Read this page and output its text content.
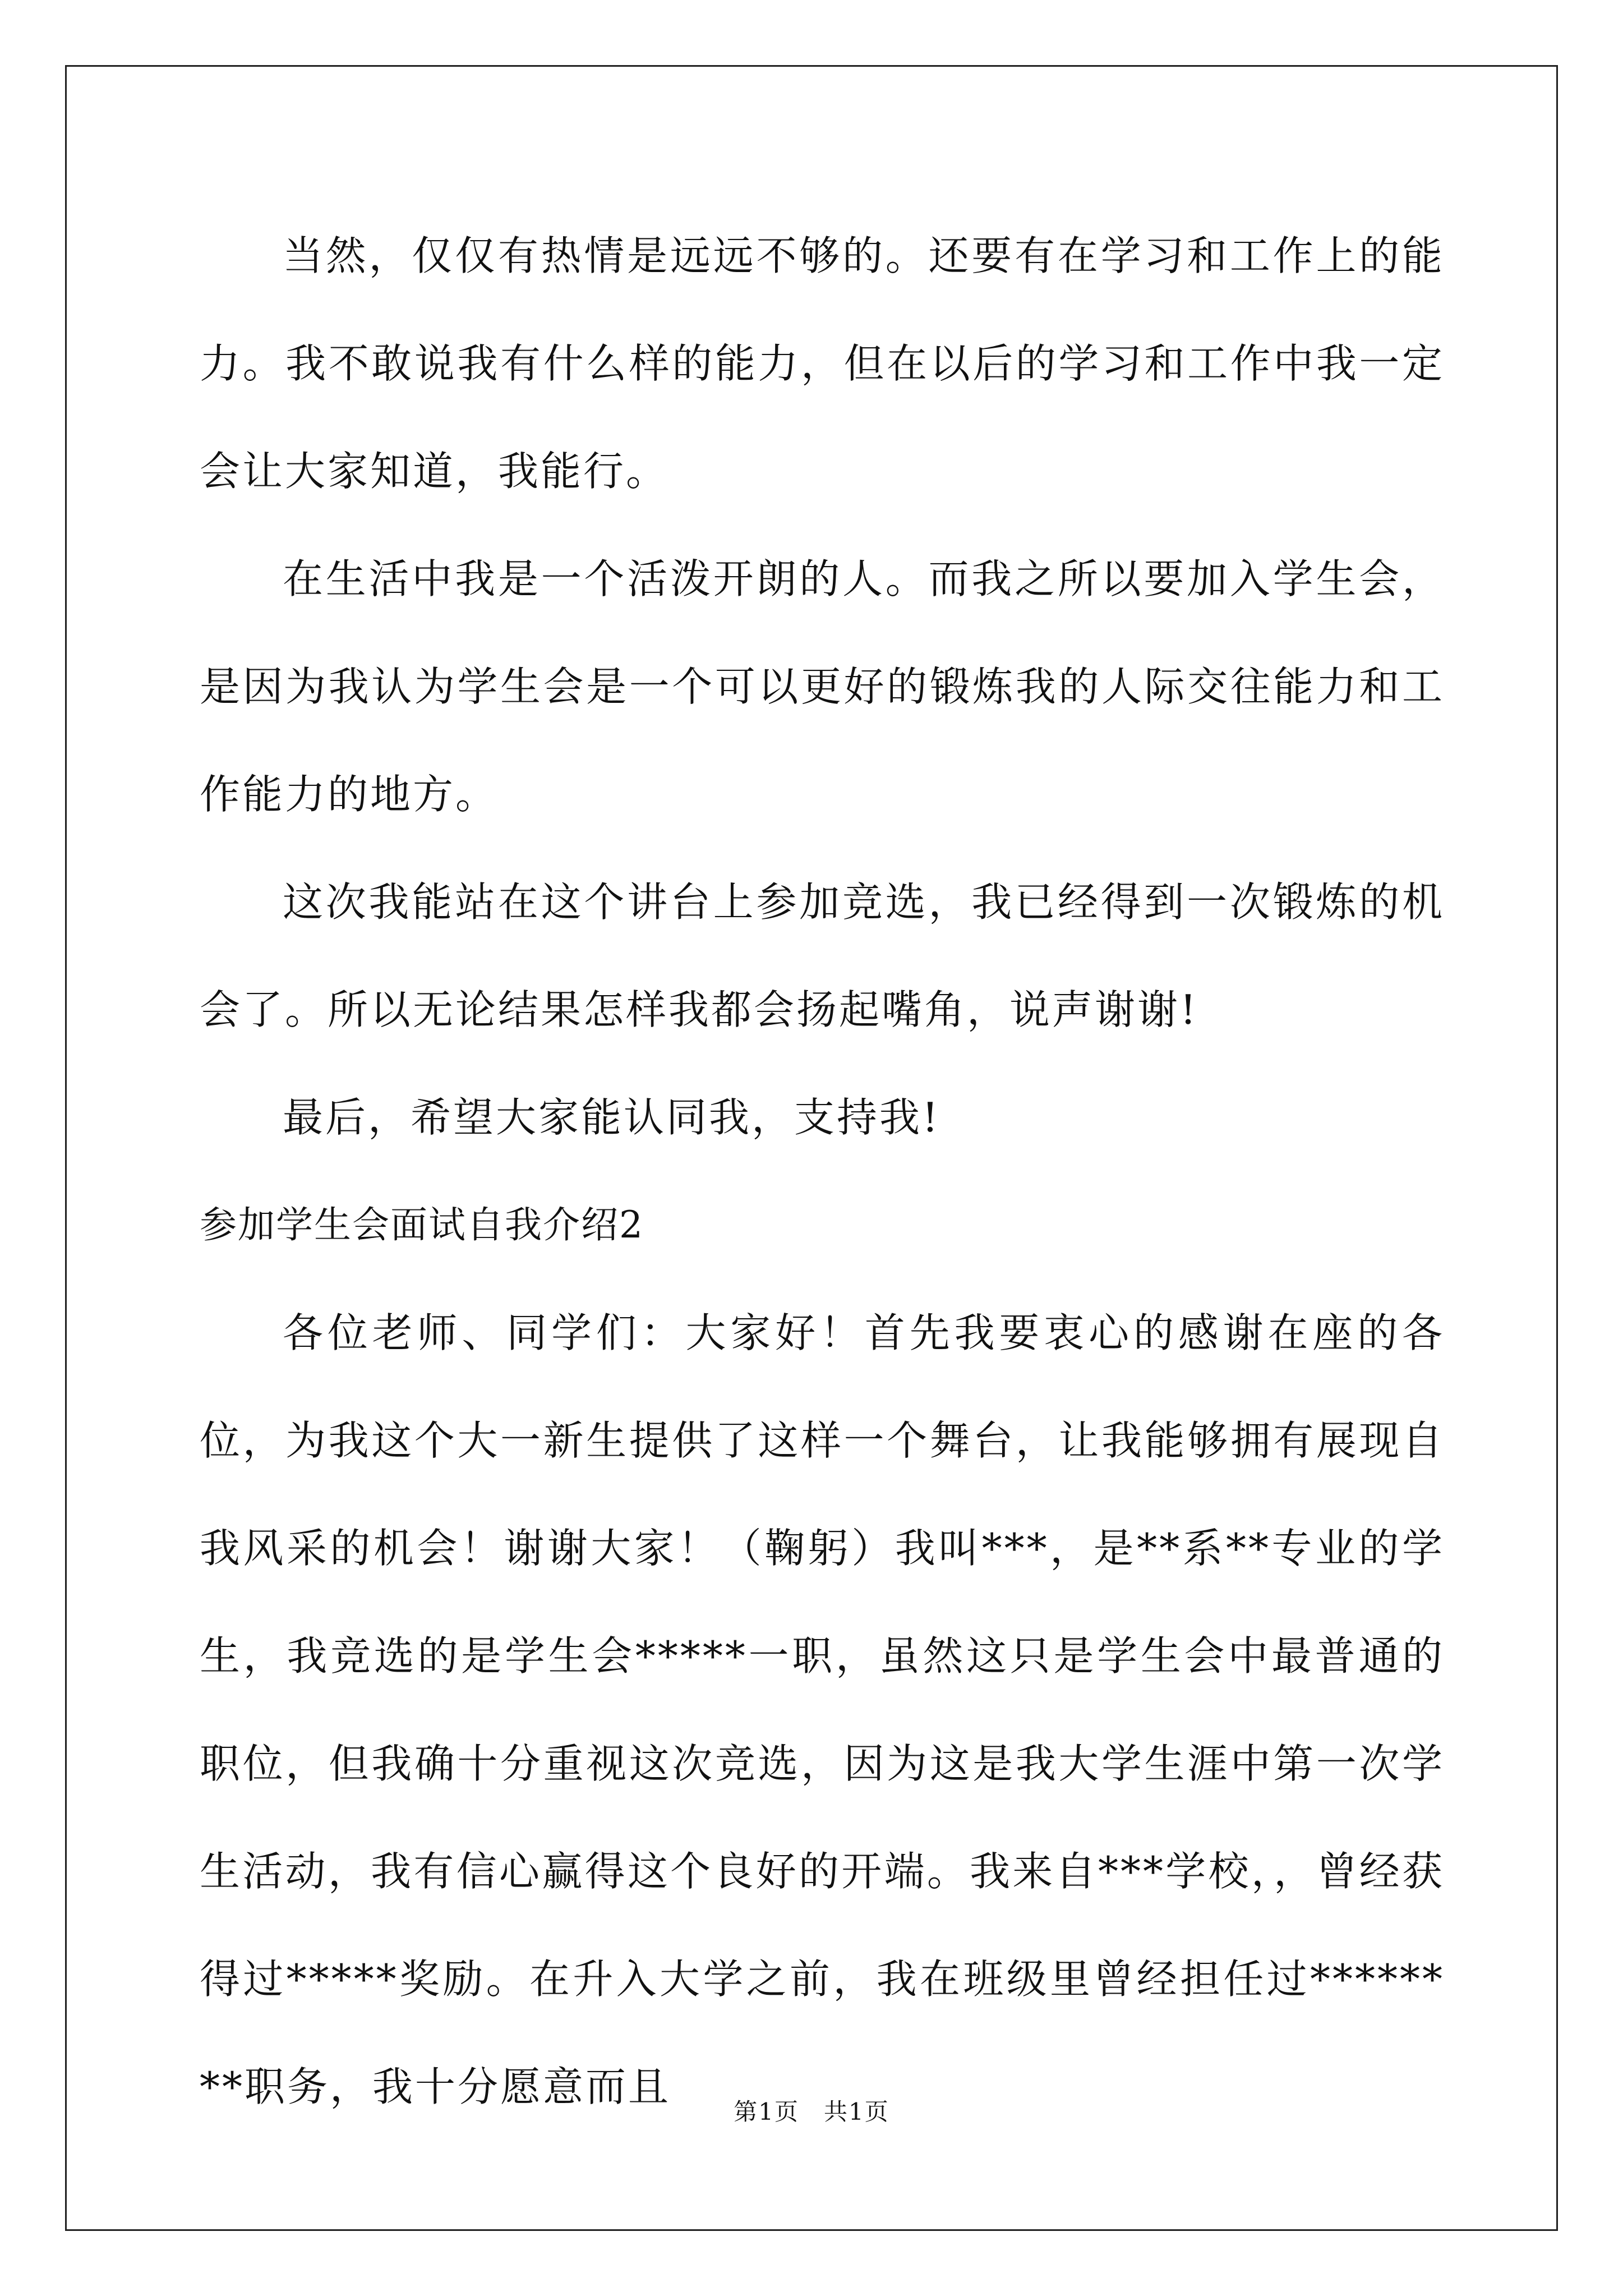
当然，仅仅有热情是远远不够的。还要有在学习和工作上的能力。我不敢说我有什么样的能力，但在以后的学习和工作中我一定会让大家知道，我能行。

在生活中我是一个活泼开朗的人。而我之所以要加入学生会，是因为我认为学生会是一个可以更好的锻炼我的人际交往能力和工作能力的地方。

这次我能站在这个讲台上参加竞选，我已经得到一次锻炼的机会了。所以无论结果怎样我都会扬起嘴角，说声谢谢!

最后，希望大家能认同我，支持我!

参加学生会面试自我介绍2

各位老师、同学们：大家好！首先我要衷心的感谢在座的各位，为我这个大一新生提供了这样一个舞台，让我能够拥有展现自我风采的机会！谢谢大家！（鞠躬）我叫***，是**系**专业的学生，我竞选的是学生会*****一职，虽然这只是学生会中最普通的职位，但我确十分重视这次竞选，因为这是我大学生涯中第一次学生活动，我有信心赢得这个良好的开端。我来自***学校，，曾经获得过*****奖励。在升入大学之前，我在班级里曾经担任过********职务，我十分愿意而且

第1页　共1页
